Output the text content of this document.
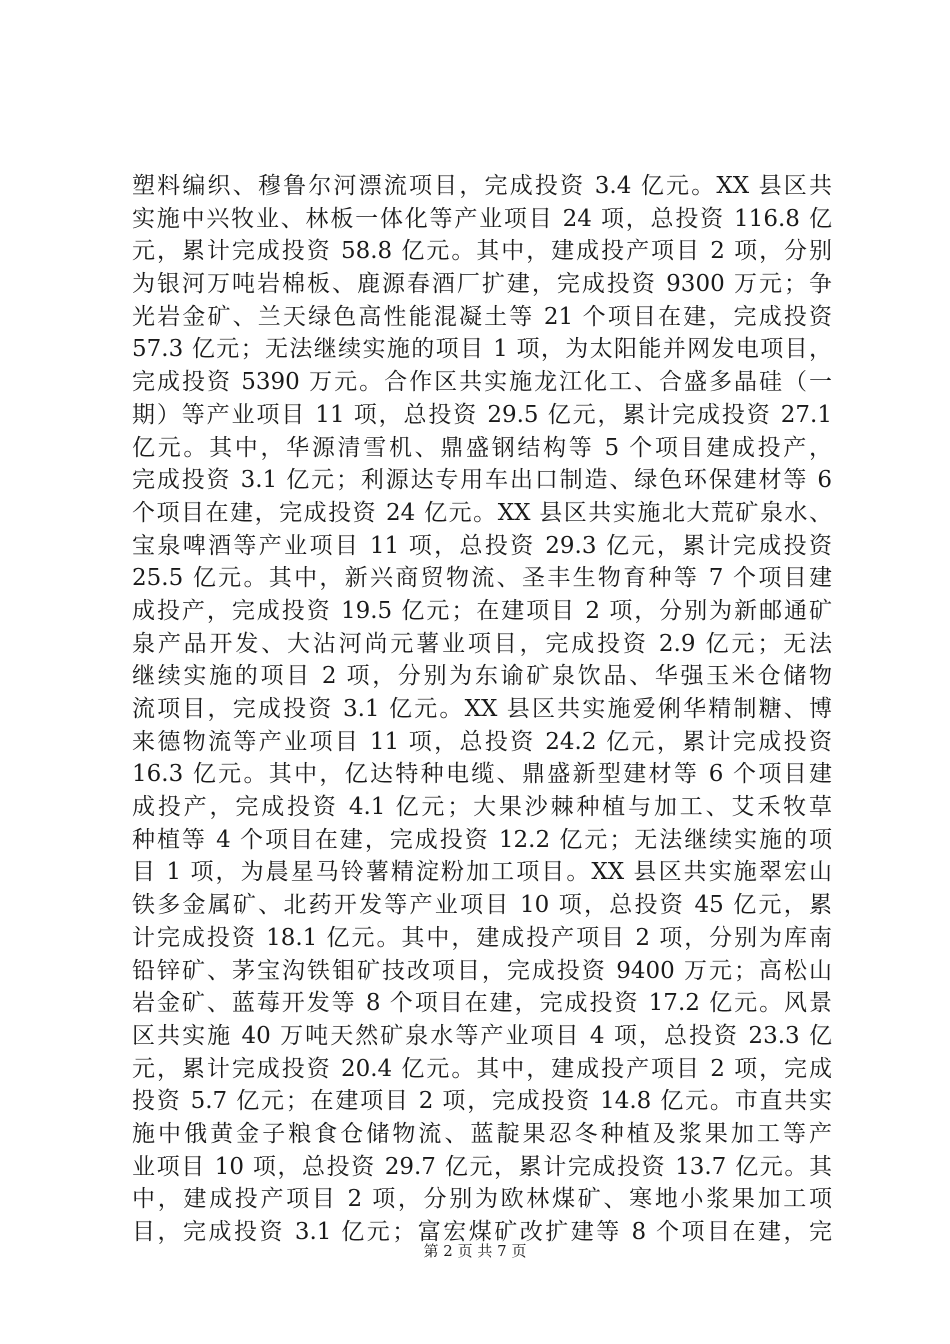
塑料编织、穆鲁尔河漂流项目，完成投资 3.4 亿元。XX 县区共
实施中兴牧业、林板一体化等产业项目 24 项，总投资 116.8 亿
元，累计完成投资 58.8 亿元。其中，建成投产项目 2 项，分别
为银河万吨岩棉板、鹿源春酒厂扩建，完成投资 9300 万元；争
光岩金矿、兰天绿色高性能混凝土等 21 个项目在建，完成投资
57.3 亿元；无法继续实施的项目 1 项，为太阳能并网发电项目，
完成投资 5390 万元。合作区共实施龙江化工、合盛多晶硅（一
期）等产业项目 11 项，总投资 29.5 亿元，累计完成投资 27.1
亿元。其中，华源清雪机、鼎盛钢结构等 5 个项目建成投产，
完成投资 3.1 亿元；利源达专用车出口制造、绿色环保建材等 6
个项目在建，完成投资 24 亿元。XX 县区共实施北大荒矿泉水、
宝泉啤酒等产业项目 11 项，总投资 29.3 亿元，累计完成投资
25.5 亿元。其中，新兴商贸物流、圣丰生物育种等 7 个项目建
成投产，完成投资 19.5 亿元；在建项目 2 项，分别为新邮通矿
泉产品开发、大沾河尚元薯业项目，完成投资 2.9 亿元；无法
继续实施的项目 2 项，分别为东谕矿泉饮品、华强玉米仓储物
流项目，完成投资 3.1 亿元。XX 县区共实施爱俐华精制糖、博
来德物流等产业项目 11 项，总投资 24.2 亿元，累计完成投资
16.3 亿元。其中，亿达特种电缆、鼎盛新型建材等 6 个项目建
成投产，完成投资 4.1 亿元；大果沙棘种植与加工、艾禾牧草
种植等 4 个项目在建，完成投资 12.2 亿元；无法继续实施的项
目 1 项，为晨星马铃薯精淀粉加工项目。XX 县区共实施翠宏山
铁多金属矿、北药开发等产业项目 10 项，总投资 45 亿元，累
计完成投资 18.1 亿元。其中，建成投产项目 2 项，分别为库南
铅锌矿、茅宝沟铁钼矿技改项目，完成投资 9400 万元；高松山
岩金矿、蓝莓开发等 8 个项目在建，完成投资 17.2 亿元。风景
区共实施 40 万吨天然矿泉水等产业项目 4 项，总投资 23.3 亿
元，累计完成投资 20.4 亿元。其中，建成投产项目 2 项，完成
投资 5.7 亿元；在建项目 2 项，完成投资 14.8 亿元。市直共实
施中俄黄金子粮食仓储物流、蓝靛果忍冬种植及浆果加工等产
业项目 10 项，总投资 29.7 亿元，累计完成投资 13.7 亿元。其
中，建成投产项目 2 项，分别为欧林煤矿、寒地小浆果加工项
目，完成投资 3.1 亿元；富宏煤矿改扩建等 8 个项目在建，完
第 2 页 共 7 页
